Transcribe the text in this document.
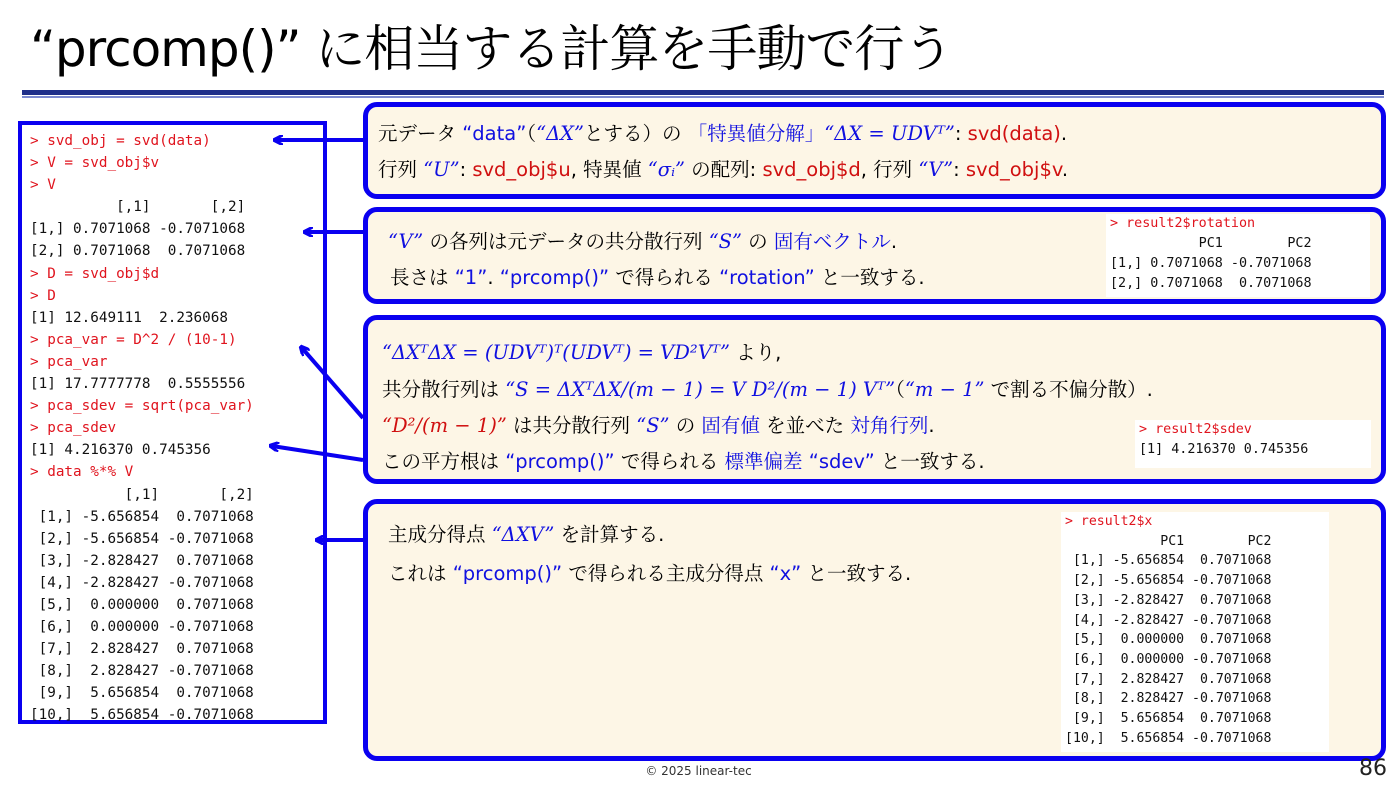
“prcomp()” に相当する計算を手動で行う
> svd_obj = svd(data)
> V = svd_obj$v
> V
[,1]       [,2]
[1,] 0.7071068 -0.7071068
[2,] 0.7071068  0.7071068
> D = svd_obj$d
> D
[1] 12.649111  2.236068
> pca_var = D^2 / (10-1)
> pca_var
[1] 17.7777778  0.5555556
> pca_sdev = sqrt(pca_var)
> pca_sdev
[1] 4.216370 0.745356
> data %*% V
[,1]       [,2]
[1,] -5.656854  0.7071068
[2,] -5.656854 -0.7071068
[3,] -2.828427  0.7071068
[4,] -2.828427 -0.7071068
[5,]  0.000000  0.7071068
[6,]  0.000000 -0.7071068
[7,]  2.828427  0.7071068
[8,]  2.828427 -0.7071068
[9,]  5.656854  0.7071068
[10,]  5.656854 -0.7071068
元データ “data”（“ΔX”とする）の 「特異値分解」“ΔX = UDVᵀ”: svd(data).
行列 “U”: svd_obj$u, 特異値 “σᵢ” の配列: svd_obj$d, 行列 “V”: svd_obj$v.
“V” の各列は元データの共分散行列 “S” の 固有ベクトル.
長さは “1”. “prcomp()” で得られる “rotation” と一致する.
“ΔXᵀΔX = (UDVᵀ)ᵀ(UDVᵀ) = VD²Vᵀ” より,
共分散行列は “S = ΔXᵀΔX/(m − 1) = V D²/(m − 1) Vᵀ”（“m − 1” で割る不偏分散）.
“D²/(m − 1)” は共分散行列 “S” の 固有値 を並べた 対角行列.
この平方根は “prcomp()” で得られる 標準偏差 “sdev” と一致する.
主成分得点 “ΔXV” を計算する.
これは “prcomp()” で得られる主成分得点 “x” と一致する.
> result2$rotation
PC1        PC2
[1,] 0.7071068 -0.7071068
[2,] 0.7071068  0.7071068
> result2$sdev
[1] 4.216370 0.745356
> result2$x
PC1        PC2
[1,] -5.656854  0.7071068
[2,] -5.656854 -0.7071068
[3,] -2.828427  0.7071068
[4,] -2.828427 -0.7071068
[5,]  0.000000  0.7071068
[6,]  0.000000 -0.7071068
[7,]  2.828427  0.7071068
[8,]  2.828427 -0.7071068
[9,]  5.656854  0.7071068
[10,]  5.656854 -0.7071068
© 2025 linear-tec	86
